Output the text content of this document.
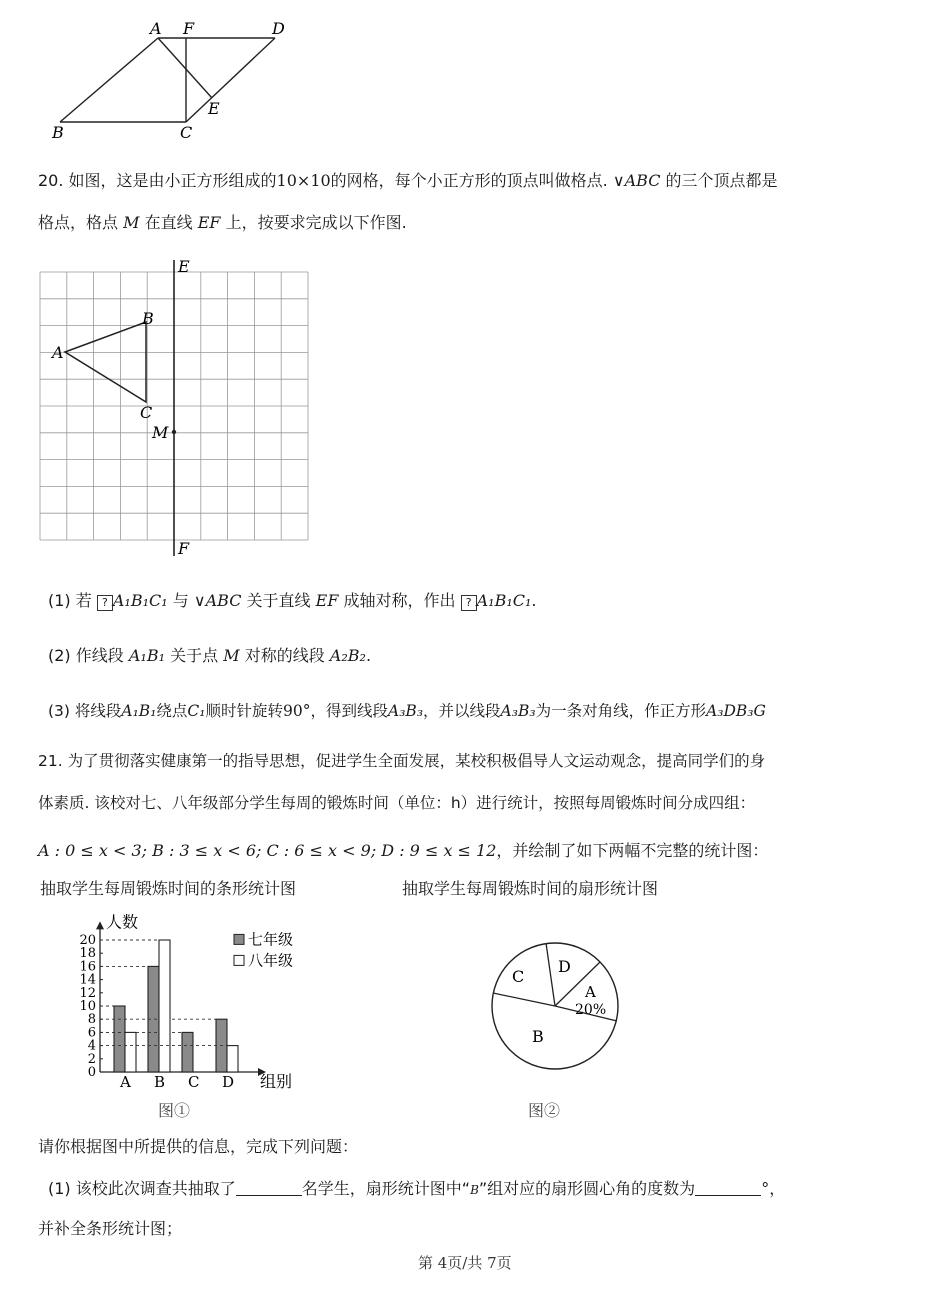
A F	D
B	C
E
20. 如图，这是由小正方形组成的10×10的网格，每个小正方形的顶点叫做格点. ∨ABC 的三个顶点都是
格点，格点 M 在直线 EF 上，按要求完成以下作图.
E
F
A
B
C
M
(1) 若 ? A₁B₁C₁ 与 ∨ABC 关于直线 EF 成轴对称，作出 ? A₁B₁C₁.
(2) 作线段 A₁B₁ 关于点 M 对称的线段 A₂B₂.
(3) 将线段A₁B₁绕点C₁顺时针旋转90°，得到线段A₃B₃，并以线段A₃B₃为一条对角线，作正方形A₃DB₃G
21. 为了贯彻落实健康第一的指导思想，促进学生全面发展，某校积极倡导人文运动观念，提高同学们的身
体素质. 该校对七、八年级部分学生每周的锻炼时间（单位：h）进行统计，按照每周锻炼时间分成四组：
A : 0 ≤ x < 3; B : 3 ≤ x < 6; C : 6 ≤ x < 9; D : 9 ≤ x ≤ 12，并绘制了如下两幅不完整的统计图：
抽取学生每周锻炼时间的条形统计图	抽取学生每周锻炼时间的扇形统计图
人数
组别
0
2
4
6
8
10
12
14
16
18
20
A B C D
七年级
八年级
图①
C
D
A
20%
B
图②
请你根据图中所提供的信息，完成下列问题：
(1) 该校此次调查共抽取了	名学生，扇形统计图中“B”组对应的扇形圆心角的度数为	°，
并补全条形统计图；
第 4页/共 7页
